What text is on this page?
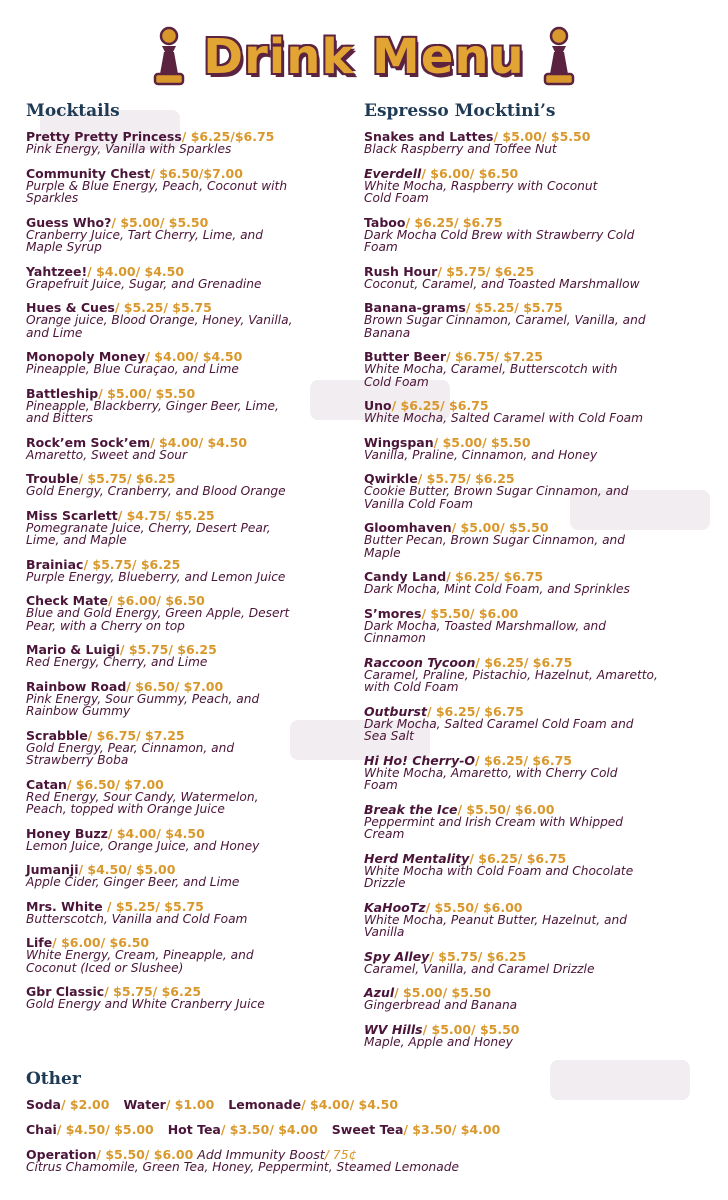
Drink Menu
Mocktails
Pretty Pretty Princess/ $6.25/$6.75
Pink Energy, Vanilla with Sparkles
Community Chest/ $6.50/$7.00
Purple & Blue Energy, Peach, Coconut with
Sparkles
Guess Who?/ $5.00/ $5.50
Cranberry Juice, Tart Cherry, Lime, and
Maple Syrup
Yahtzee!/ $4.00/ $4.50
Grapefruit Juice, Sugar, and Grenadine
Hues & Cues/ $5.25/ $5.75
Orange juice, Blood Orange, Honey, Vanilla,
and Lime
Monopoly Money/ $4.00/ $4.50
Pineapple, Blue Curaçao, and Lime
Battleship/ $5.00/ $5.50
Pineapple, Blackberry, Ginger Beer, Lime,
and Bitters
Rock’em Sock’em/ $4.00/ $4.50
Amaretto, Sweet and Sour
Trouble/ $5.75/ $6.25
Gold Energy, Cranberry, and Blood Orange
Miss Scarlett/ $4.75/ $5.25
Pomegranate Juice, Cherry, Desert Pear,
Lime, and Maple
Brainiac/ $5.75/ $6.25
Purple Energy, Blueberry, and Lemon Juice
Check Mate/ $6.00/ $6.50
Blue and Gold Energy, Green Apple, Desert
Pear, with a Cherry on top
Mario & Luigi/ $5.75/ $6.25
Red Energy, Cherry, and Lime
Rainbow Road/ $6.50/ $7.00
Pink Energy, Sour Gummy, Peach, and
Rainbow Gummy
Scrabble/ $6.75/ $7.25
Gold Energy, Pear, Cinnamon, and
Strawberry Boba
Catan/ $6.50/ $7.00
Red Energy, Sour Candy, Watermelon,
Peach, topped with Orange Juice
Honey Buzz/ $4.00/ $4.50
Lemon Juice, Orange Juice, and Honey
Jumanji/ $4.50/ $5.00
Apple Cider, Ginger Beer, and Lime
Mrs. White / $5.25/ $5.75
Butterscotch, Vanilla and Cold Foam
Life/ $6.00/ $6.50
White Energy, Cream, Pineapple, and
Coconut (Iced or Slushee)
Gbr Classic/ $5.75/ $6.25
Gold Energy and White Cranberry Juice
Espresso Mocktini’s
Snakes and Lattes/ $5.00/ $5.50
Black Raspberry and Toffee Nut
Everdell/ $6.00/ $6.50
White Mocha, Raspberry with Coconut
Cold Foam
Taboo/ $6.25/ $6.75
Dark Mocha Cold Brew with Strawberry Cold
Foam
Rush Hour/ $5.75/ $6.25
Coconut, Caramel, and Toasted Marshmallow
Banana-grams/ $5.25/ $5.75
Brown Sugar Cinnamon, Caramel, Vanilla, and
Banana
Butter Beer/ $6.75/ $7.25
White Mocha, Caramel, Butterscotch with
Cold Foam
Uno/ $6.25/ $6.75
White Mocha, Salted Caramel with Cold Foam
Wingspan/ $5.00/ $5.50
Vanilla, Praline, Cinnamon, and Honey
Qwirkle/ $5.75/ $6.25
Cookie Butter, Brown Sugar Cinnamon, and
Vanilla Cold Foam
Gloomhaven/ $5.00/ $5.50
Butter Pecan, Brown Sugar Cinnamon, and
Maple
Candy Land/ $6.25/ $6.75
Dark Mocha, Mint Cold Foam, and Sprinkles
S’mores/ $5.50/ $6.00
Dark Mocha, Toasted Marshmallow, and
Cinnamon
Raccoon Tycoon/ $6.25/ $6.75
Caramel, Praline, Pistachio, Hazelnut, Amaretto,
with Cold Foam
Outburst/ $6.25/ $6.75
Dark Mocha, Salted Caramel Cold Foam and
Sea Salt
Hi Ho! Cherry-O/ $6.25/ $6.75
White Mocha, Amaretto, with Cherry Cold
Foam
Break the Ice/ $5.50/ $6.00
Peppermint and Irish Cream with Whipped
Cream
Herd Mentality/ $6.25/ $6.75
White Mocha with Cold Foam and Chocolate
Drizzle
KaHooTz/ $5.50/ $6.00
White Mocha, Peanut Butter, Hazelnut, and
Vanilla
Spy Alley/ $5.75/ $6.25
Caramel, Vanilla, and Caramel Drizzle
Azul/ $5.00/ $5.50
Gingerbread and Banana
WV Hills/ $5.00/ $5.50
Maple, Apple and Honey
Other
Soda/ $2.00 Water/ $1.00 Lemonade/ $4.00/ $4.50
Chai/ $4.50/ $5.00 Hot Tea/ $3.50/ $4.00 Sweet Tea/ $3.50/ $4.00
Operation/ $5.50/ $6.00 Add Immunity Boost/ 75¢
Citrus Chamomile, Green Tea, Honey, Peppermint, Steamed Lemonade
